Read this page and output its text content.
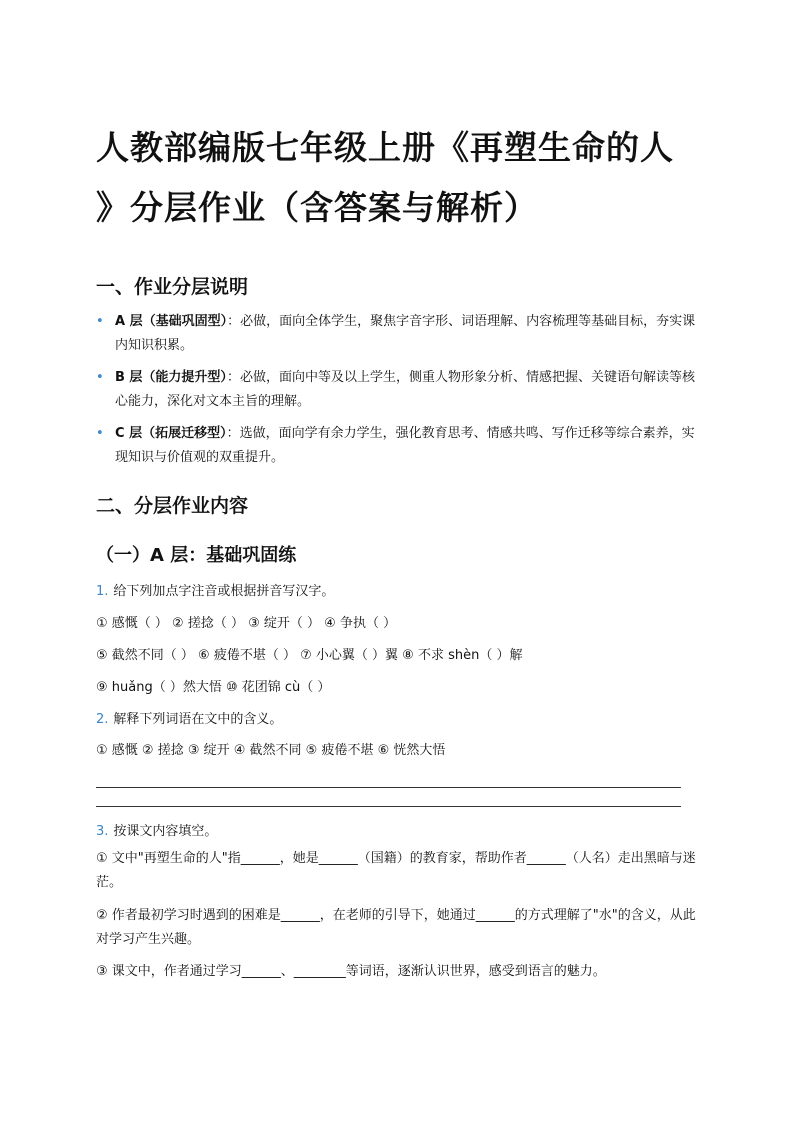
人教部编版七年级上册《再塑生命的人
》分层作业（含答案与解析）
一、作业分层说明
• A 层（基础巩固型）：必做，面向全体学生，聚焦字音字形、词语理解、内容梳理等基础目标，夯实课内知识积累。
• B 层（能力提升型）：必做，面向中等及以上学生，侧重人物形象分析、情感把握、关键语句解读等核心能力，深化对文本主旨的理解。
• C 层（拓展迁移型）：选做，面向学有余力学生，强化教育思考、情感共鸣、写作迁移等综合素养，实现知识与价值观的双重提升。
二、分层作业内容
（一）A 层：基础巩固练

1. 给下列加点字注音或根据拼音写汉字。

① 感慨（ ） ② 搓捻（ ） ③ 绽开（ ） ④ 争执（ ）

⑤ 截然不同（ ） ⑥ 疲倦不堪（ ） ⑦ 小心翼（ ）翼 ⑧ 不求 shèn（ ）解

⑨ huǎng（ ）然大悟 ⑩ 花团锦 cù（ ）

2. 解释下列词语在文中的含义。

① 感慨 ② 搓捻 ③ 绽开 ④ 截然不同 ⑤ 疲倦不堪 ⑥ 恍然大悟

3. 按课文内容填空。

① 文中"再塑生命的人"指______，她是______（国籍）的教育家，帮助作者______（人名）走出黑暗与迷茫。

② 作者最初学习时遇到的困难是______，在老师的引导下，她通过______的方式理解了"水"的含义，从此对学习产生兴趣。

③ 课文中，作者通过学习______、________等词语，逐渐认识世界，感受到语言的魅力。
